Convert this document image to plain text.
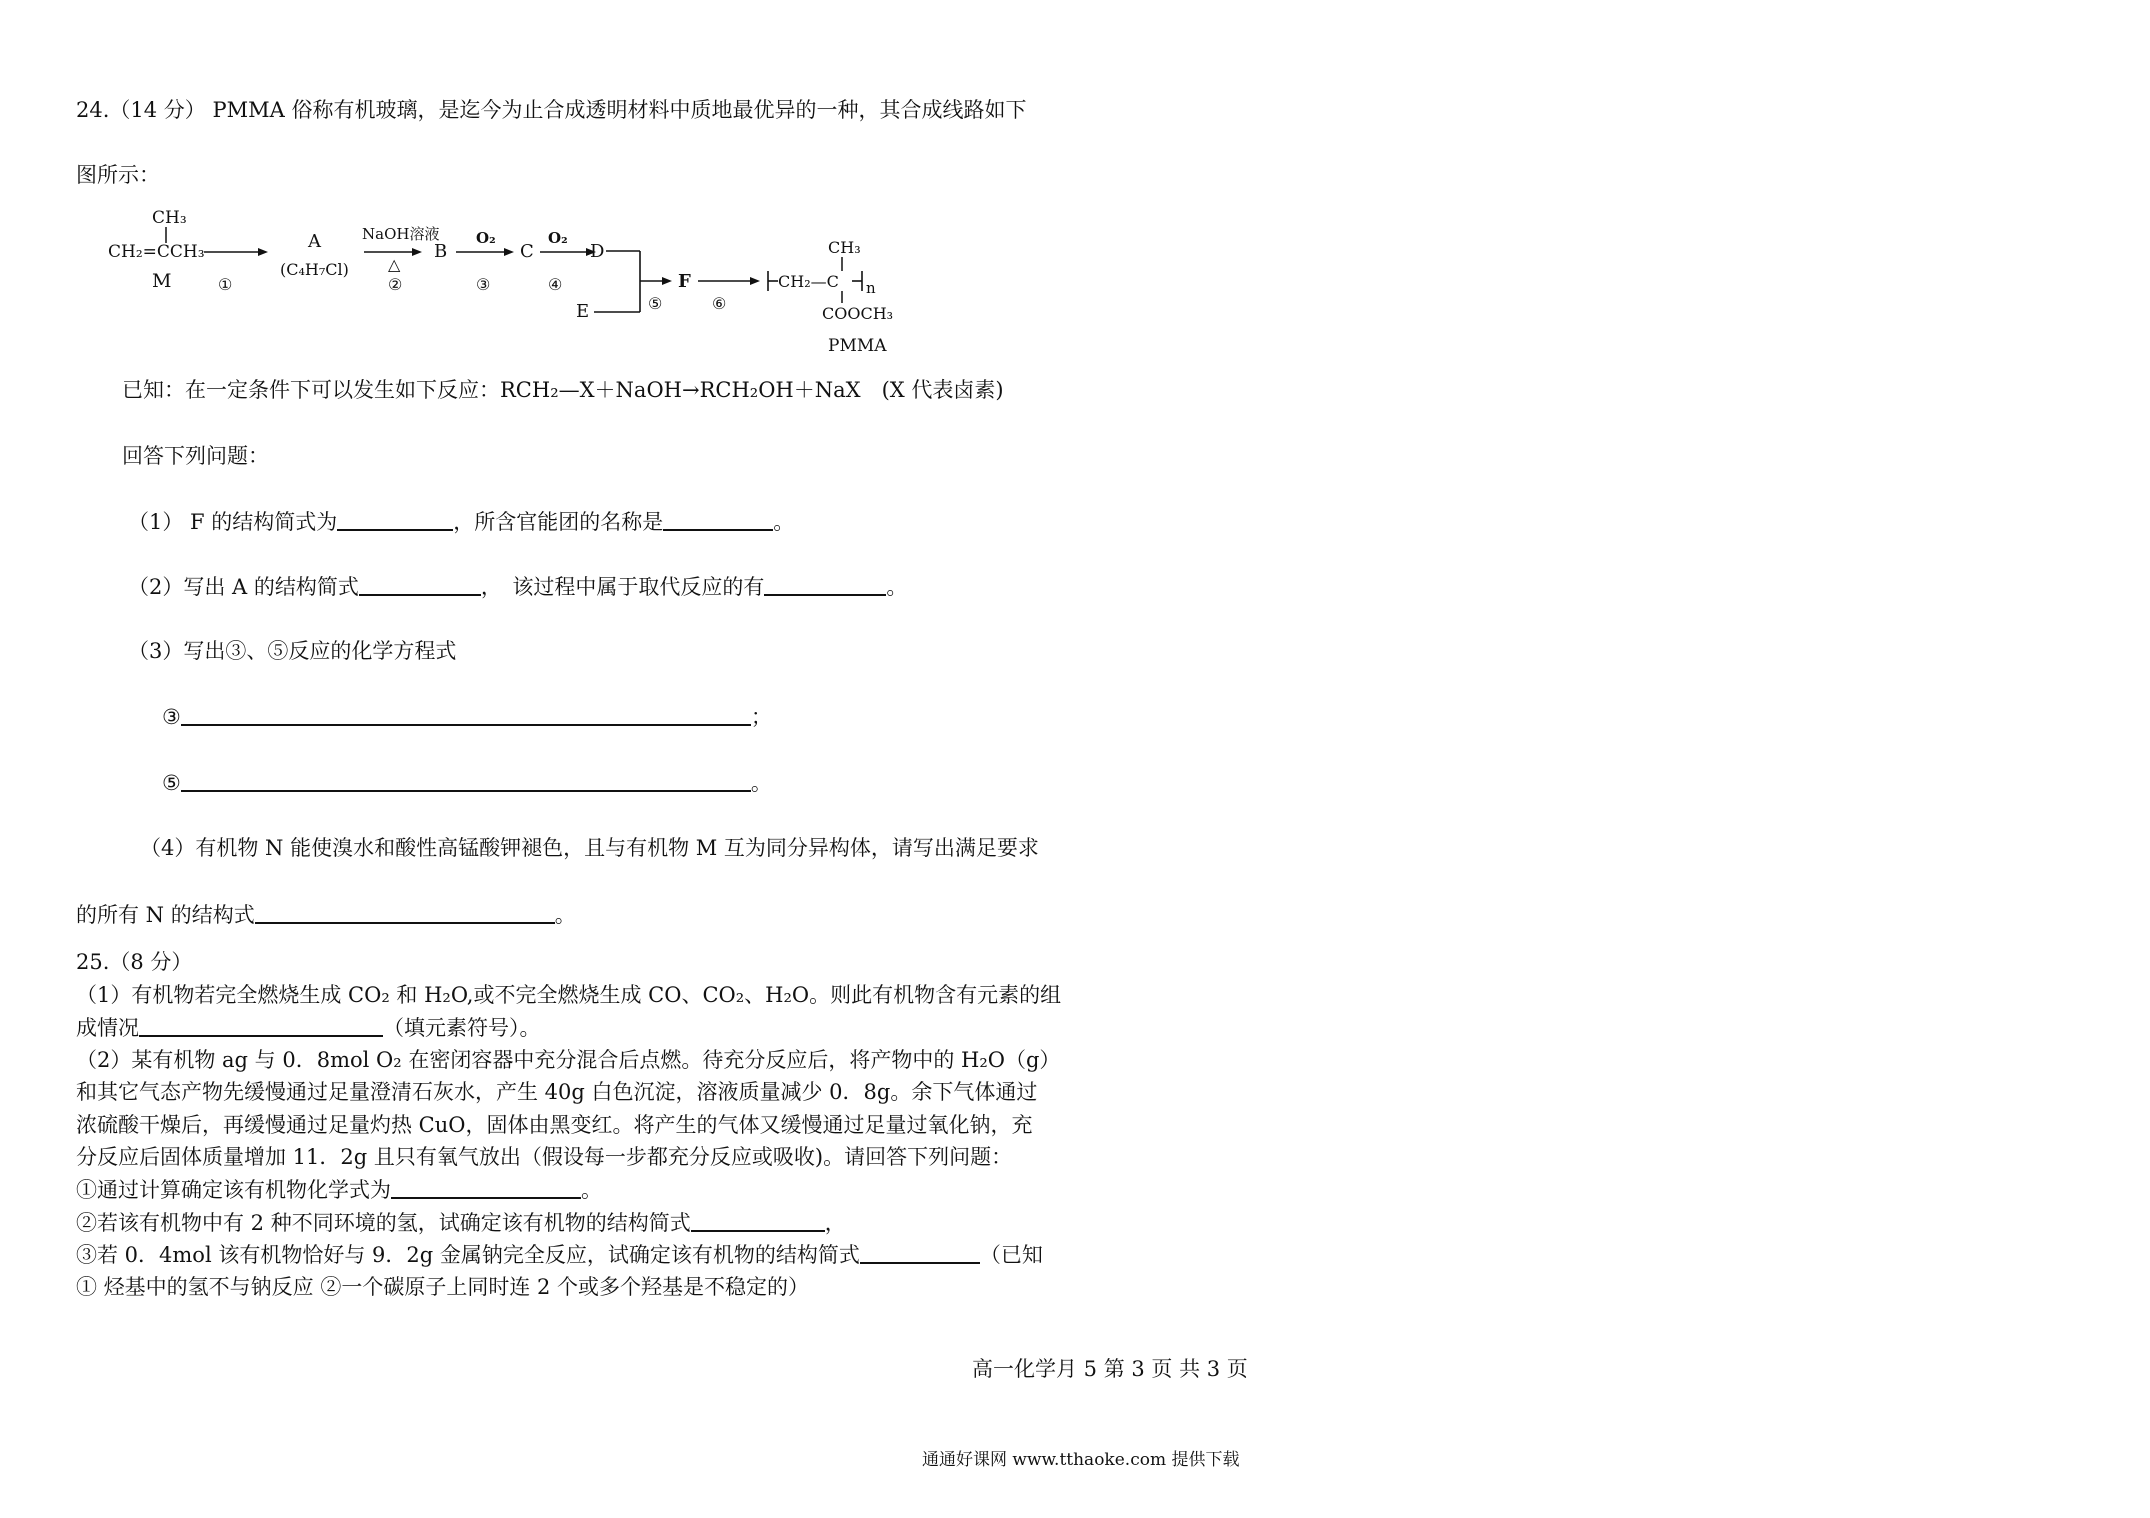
24.（14 分） PMMA 俗称有机玻璃，是迄今为止合成透明材料中质地最优异的一种，其合成线路如下
图所示：
CH₃
CH₂=CCH₃
M	①
A
(C₄H₇Cl)
NaOH溶液
△
②
B
O₂
③
C
O₂
④
D
E	⑤
F
⑥
CH₃
CH₂—C n
COOCH₃
PMMA
已知：在一定条件下可以发生如下反应：RCH₂—X＋NaOH→RCH₂OH＋NaX　(X 代表卤素)
回答下列问题：
（1） F 的结构简式为	，所含官能团的名称是	。
（2）写出 A 的结构简式	，　该过程中属于取代反应的有	。
（3）写出③、⑤反应的化学方程式
③	；
⑤	。
（4）有机物 N 能使溴水和酸性高锰酸钾褪色，且与有机物 M 互为同分异构体，请写出满足要求
的所有 N 的结构式	。
25.（8 分）
（1）有机物若完全燃烧生成 CO₂ 和 H₂O,或不完全燃烧生成 CO、CO₂、H₂O。则此有机物含有元素的组
成情况	（填元素符号）。
（2）某有机物 ag 与 0．8mol O₂ 在密闭容器中充分混合后点燃。待充分反应后，将产物中的 H₂O（g）
和其它气态产物先缓慢通过足量澄清石灰水，产生 40g 白色沉淀，溶液质量减少 0．8g。余下气体通过
浓硫酸干燥后，再缓慢通过足量灼热 CuO，固体由黑变红。将产生的气体又缓慢通过足量过氧化钠，充
分反应后固体质量增加 11．2g 且只有氧气放出（假设每一步都充分反应或吸收)。请回答下列问题：
①通过计算确定该有机物化学式为	。
②若该有机物中有 2 种不同环境的氢，试确定该有机物的结构简式	，
③若 0．4mol 该有机物恰好与 9．2g 金属钠完全反应，试确定该有机物的结构简式	（已知
① 烃基中的氢不与钠反应 ②一个碳原子上同时连 2 个或多个羟基是不稳定的）
高一化学月 5 第 3 页 共 3 页
通通好课网 www.tthaoke.com 提供下载
